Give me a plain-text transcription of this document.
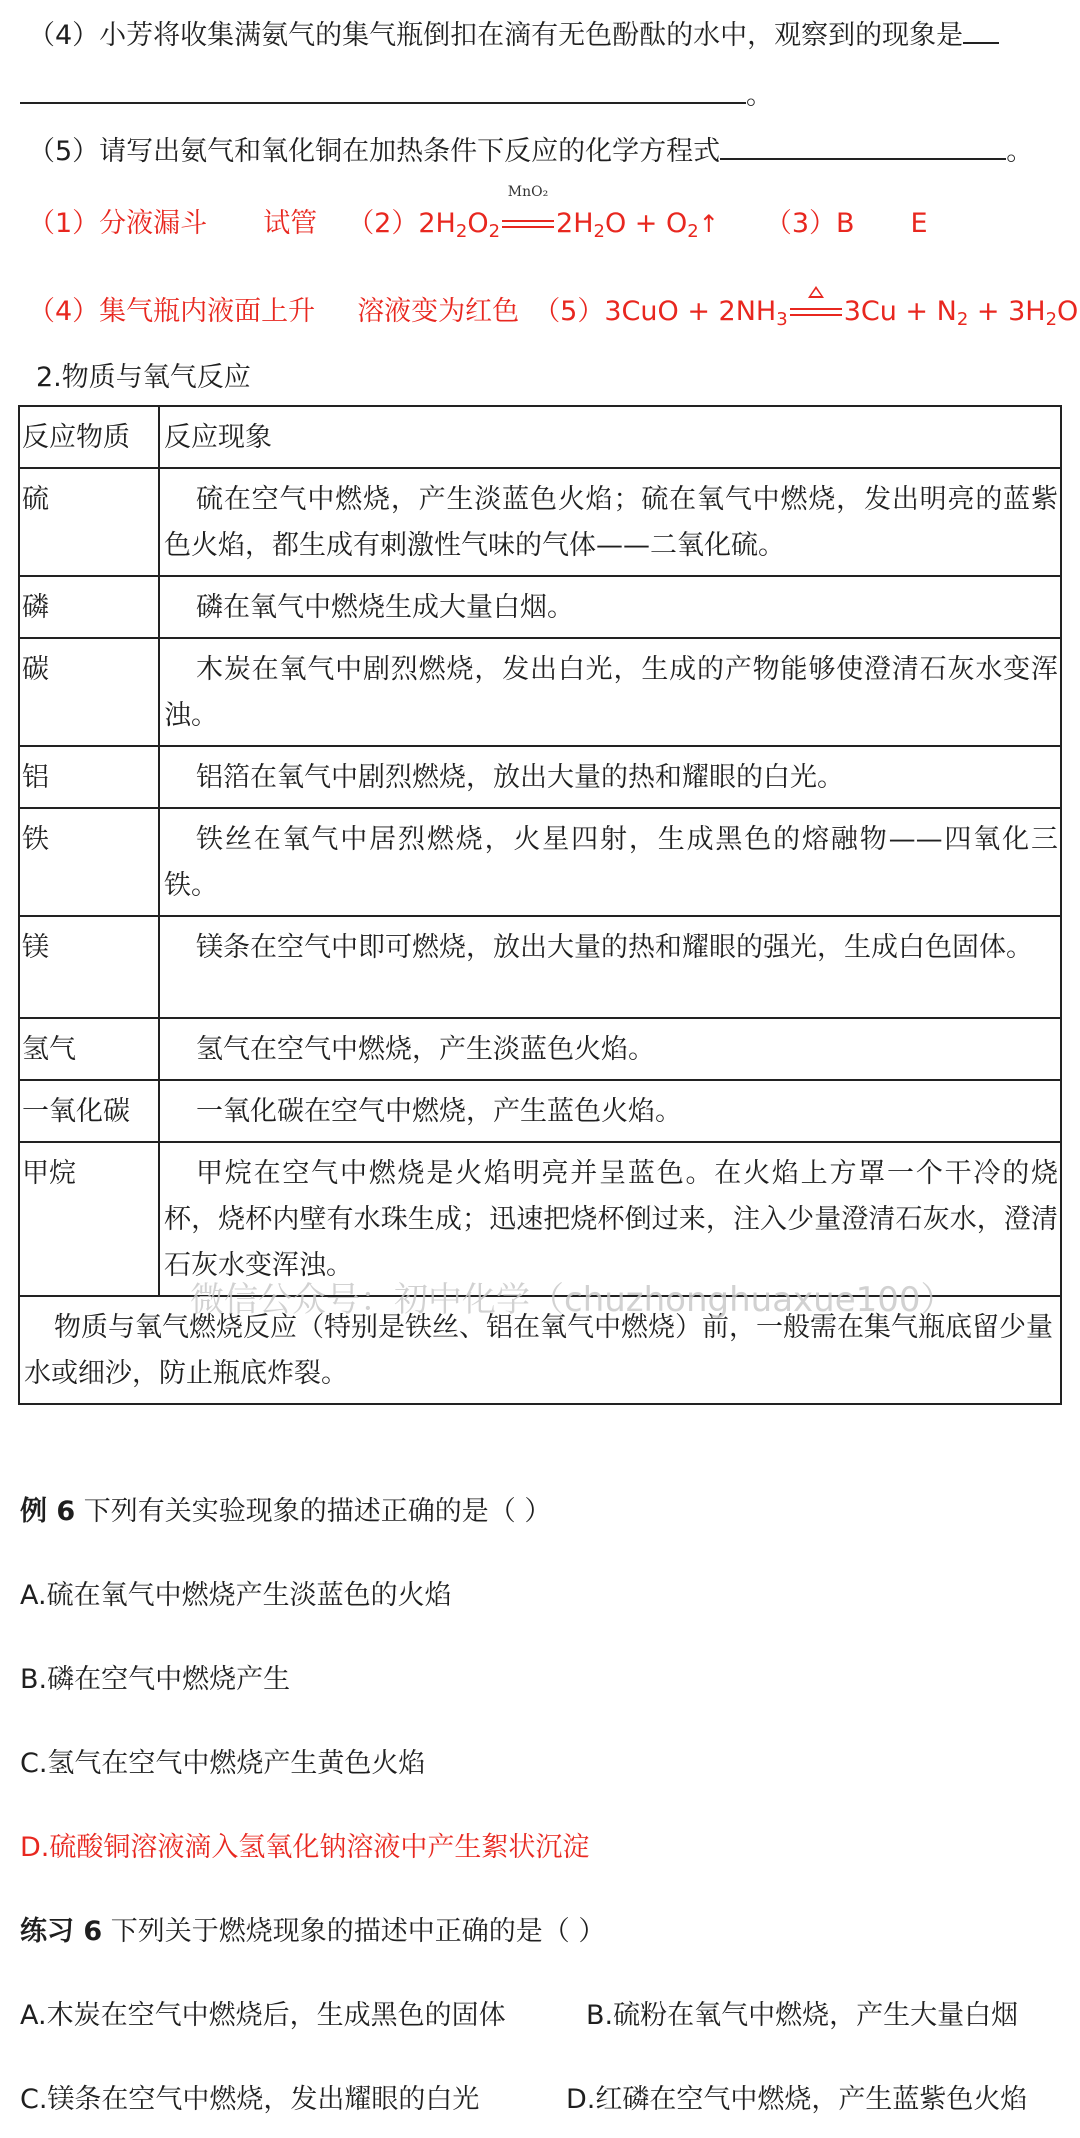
（4）小芳将收集满氨气的集气瓶倒扣在滴有无色酚酞的水中，观察到的现象是
。
（5）请写出氨气和氧化铜在加热条件下反应的化学方程式	。
（1）分液漏斗 试管 $(2)2H_2O_2$
MnO₂
$2H_2O$ + $O_2↑$ （3）B E
（4）集气瓶内液面上升 溶液变为红色 $(5)3CuO + 2NH_3$ $3Cu + N_2 + 3H_2O$
2.物质与氧气反应
反应物质	反应现象
硫	硫在空气中燃烧，产生淡蓝色火焰；硫在氧气中燃烧，发出明亮的蓝紫色火焰，都生成有刺激性气味的气体——二氧化硫。
磷	磷在氧气中燃烧生成大量白烟。
碳	木炭在氧气中剧烈燃烧，发出白光，生成的产物能够使澄清石灰水变浑浊。
铝	铝箔在氧气中剧烈燃烧，放出大量的热和耀眼的白光。
铁	铁丝在氧气中居烈燃烧，火星四射，生成黑色的熔融物——四氧化三铁。
镁	镁条在空气中即可燃烧，放出大量的热和耀眼的强光，生成白色固体。
氢气	氢气在空气中燃烧，产生淡蓝色火焰。
一氧化碳	一氧化碳在空气中燃烧，产生蓝色火焰。
甲烷	甲烷在空气中燃烧是火焰明亮并呈蓝色。在火焰上方罩一个干冷的烧杯，烧杯内壁有水珠生成；迅速把烧杯倒过来，注入少量澄清石灰水，澄清石灰水变浑浊。
物质与氧气燃烧反应（特别是铁丝、铝在氧气中燃烧）前，一般需在集气瓶底留少量水或细沙，防止瓶底炸裂。	
微信公众号：初中化学（chuzhonghuaxue100）
例 6 下列有关实验现象的描述正确的是（ ）
A.硫在氧气中燃烧产生淡蓝色的火焰
B.磷在空气中燃烧产生
C.氢气在空气中燃烧产生黄色火焰
D.硫酸铜溶液滴入氢氧化钠溶液中产生絮状沉淀
练习 6 下列关于燃烧现象的描述中正确的是（ ）
A.木炭在空气中燃烧后，生成黑色的固体	B.硫粉在氧气中燃烧，产生大量白烟
C.镁条在空气中燃烧，发出耀眼的白光	D.红磷在空气中燃烧，产生蓝紫色火焰
